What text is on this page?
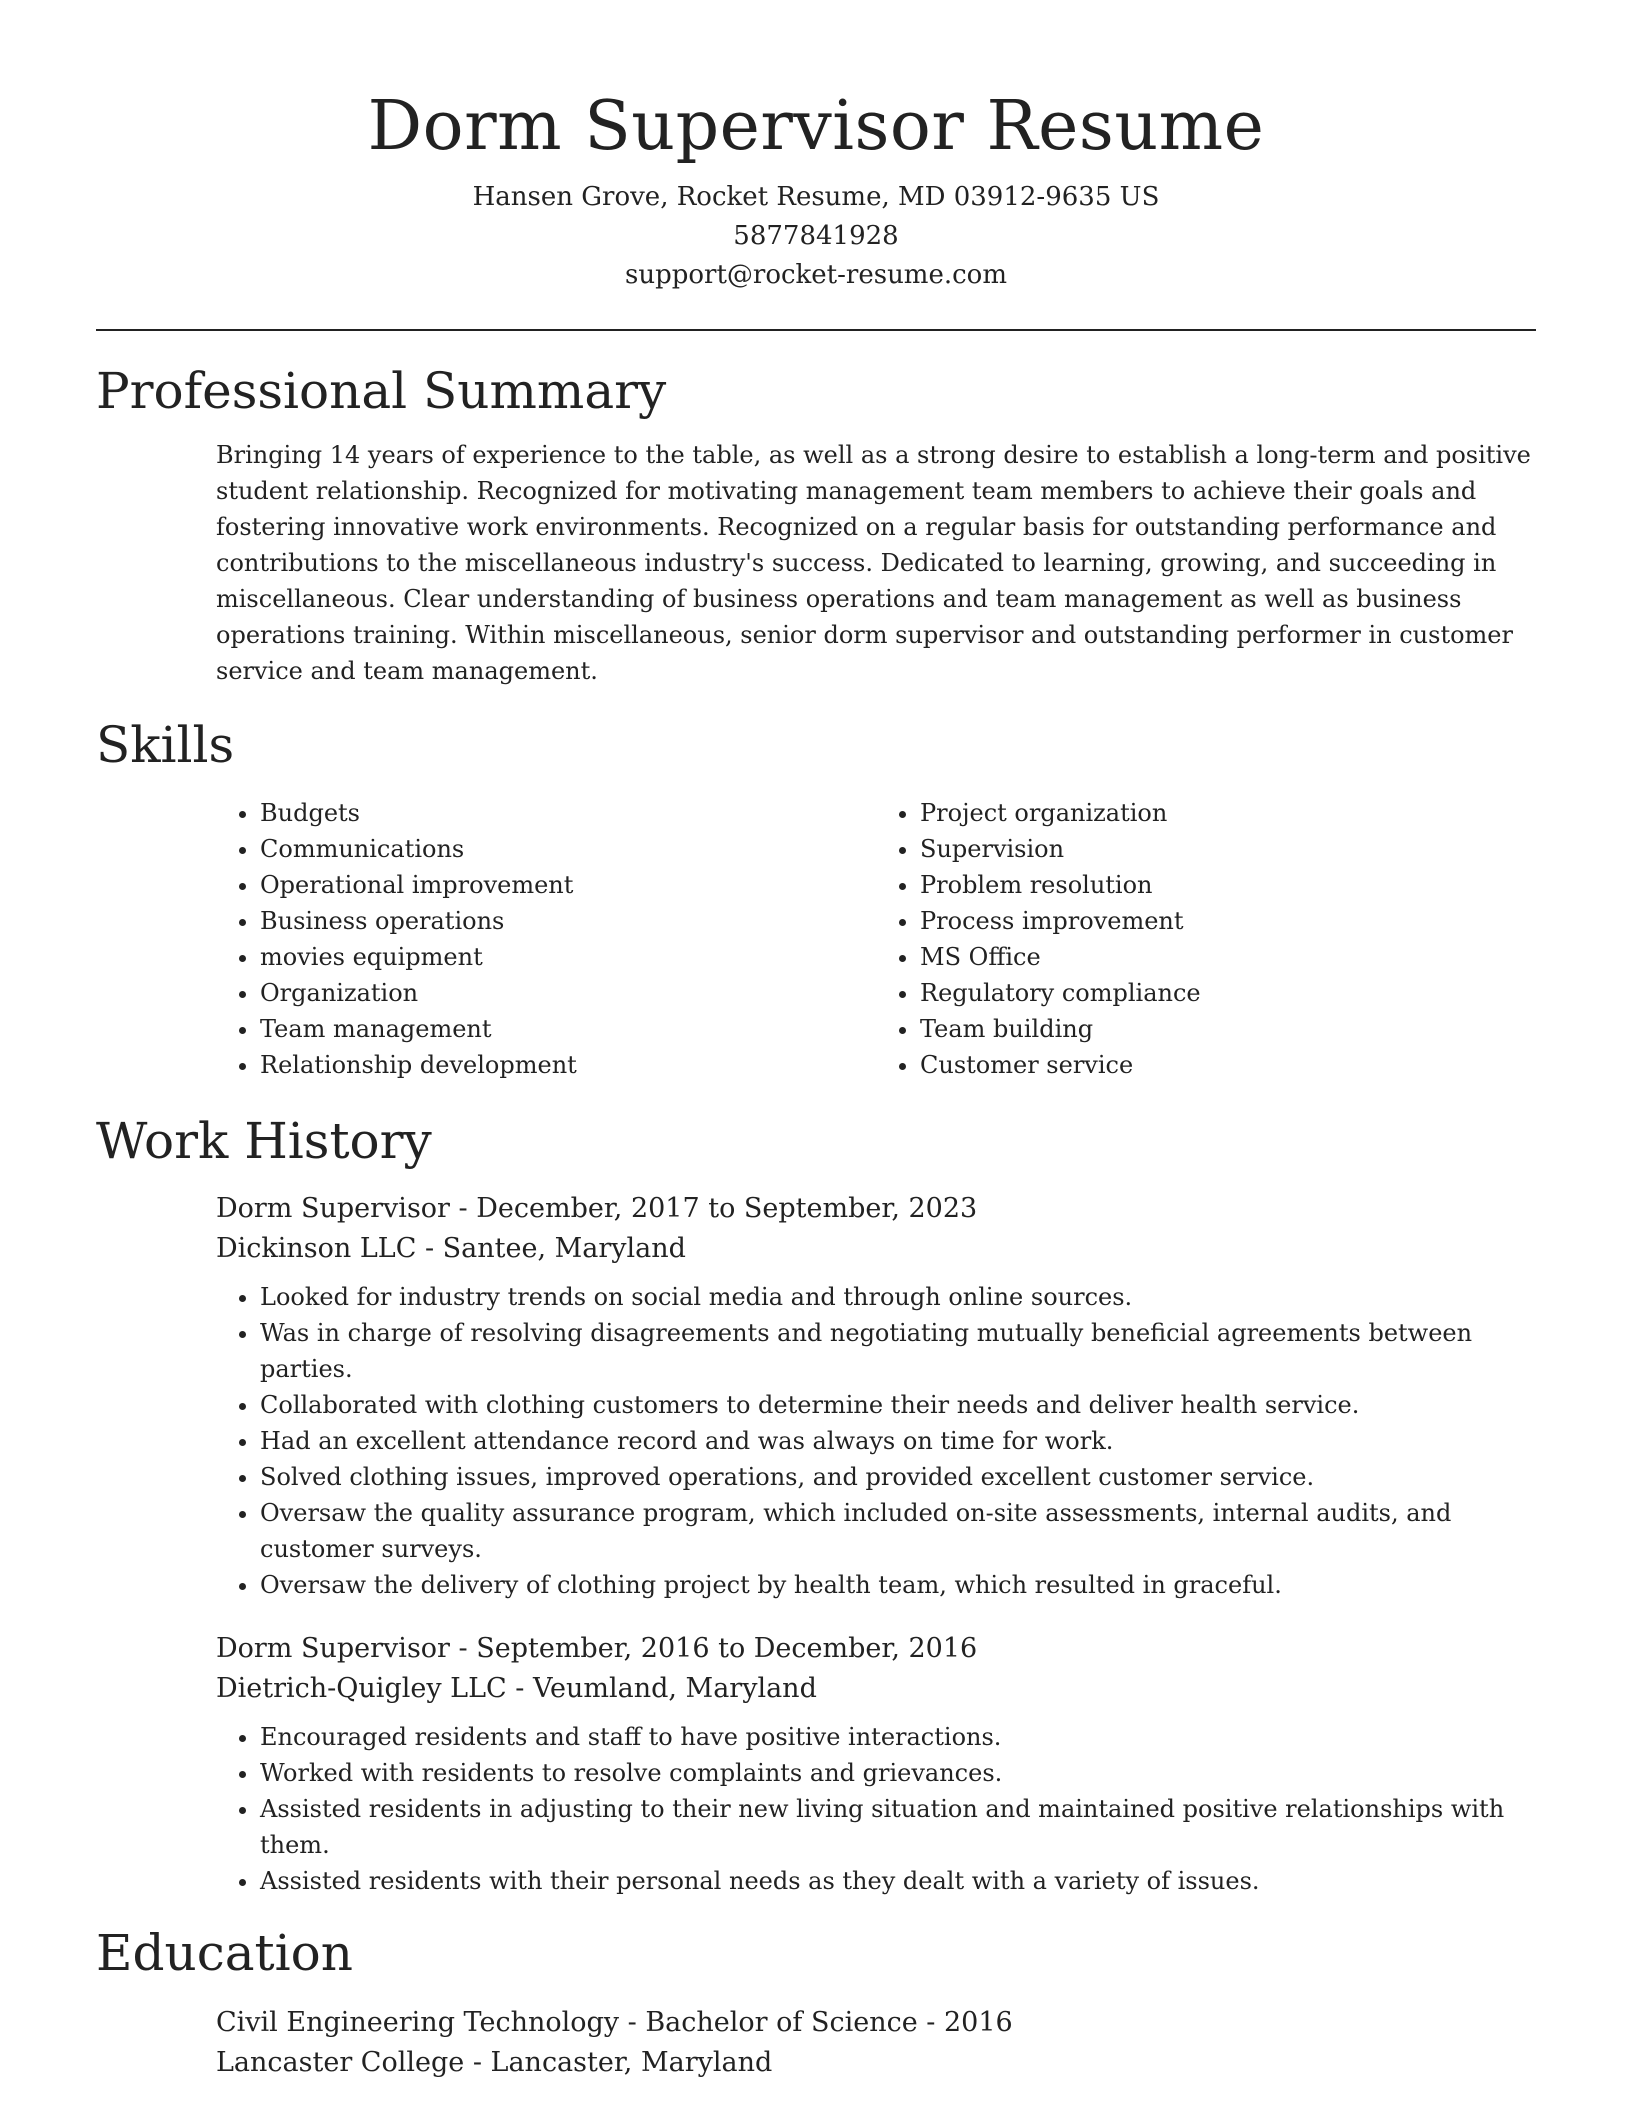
Dorm Supervisor Resume
Hansen Grove, Rocket Resume, MD 03912-9635 US
5877841928
support@rocket-resume.com
Professional Summary

Bringing 14 years of experience to the table, as well as a strong desire to establish a long-term and positive student relationship. Recognized for motivating management team members to achieve their goals and fostering innovative work environments. Recognized on a regular basis for outstanding performance and contributions to the miscellaneous industry's success. Dedicated to learning, growing, and succeeding in miscellaneous. Clear understanding of business operations and team management as well as business operations training. Within miscellaneous, senior dorm supervisor and outstanding performer in customer service and team management.

Skills
• Budgets
• Communications
• Operational improvement
• Business operations
• movies equipment
• Organization
• Team management
• Relationship development
• Project organization
• Supervision
• Problem resolution
• Process improvement
• MS Office
• Regulatory compliance
• Team building
• Customer service
Work History
Dorm Supervisor - December, 2017 to September, 2023
Dickinson LLC - Santee, Maryland
• Looked for industry trends on social media and through online sources.
• Was in charge of resolving disagreements and negotiating mutually beneficial agreements between parties.
• Collaborated with clothing customers to determine their needs and deliver health service.
• Had an excellent attendance record and was always on time for work.
• Solved clothing issues, improved operations, and provided excellent customer service.
• Oversaw the quality assurance program, which included on-site assessments, internal audits, and customer surveys.
• Oversaw the delivery of clothing project by health team, which resulted in graceful.
Dorm Supervisor - September, 2016 to December, 2016
Dietrich-Quigley LLC - Veumland, Maryland
• Encouraged residents and staff to have positive interactions.
• Worked with residents to resolve complaints and grievances.
• Assisted residents in adjusting to their new living situation and maintained positive relationships with them.
• Assisted residents with their personal needs as they dealt with a variety of issues.
Education
Civil Engineering Technology - Bachelor of Science - 2016
Lancaster College - Lancaster, Maryland
